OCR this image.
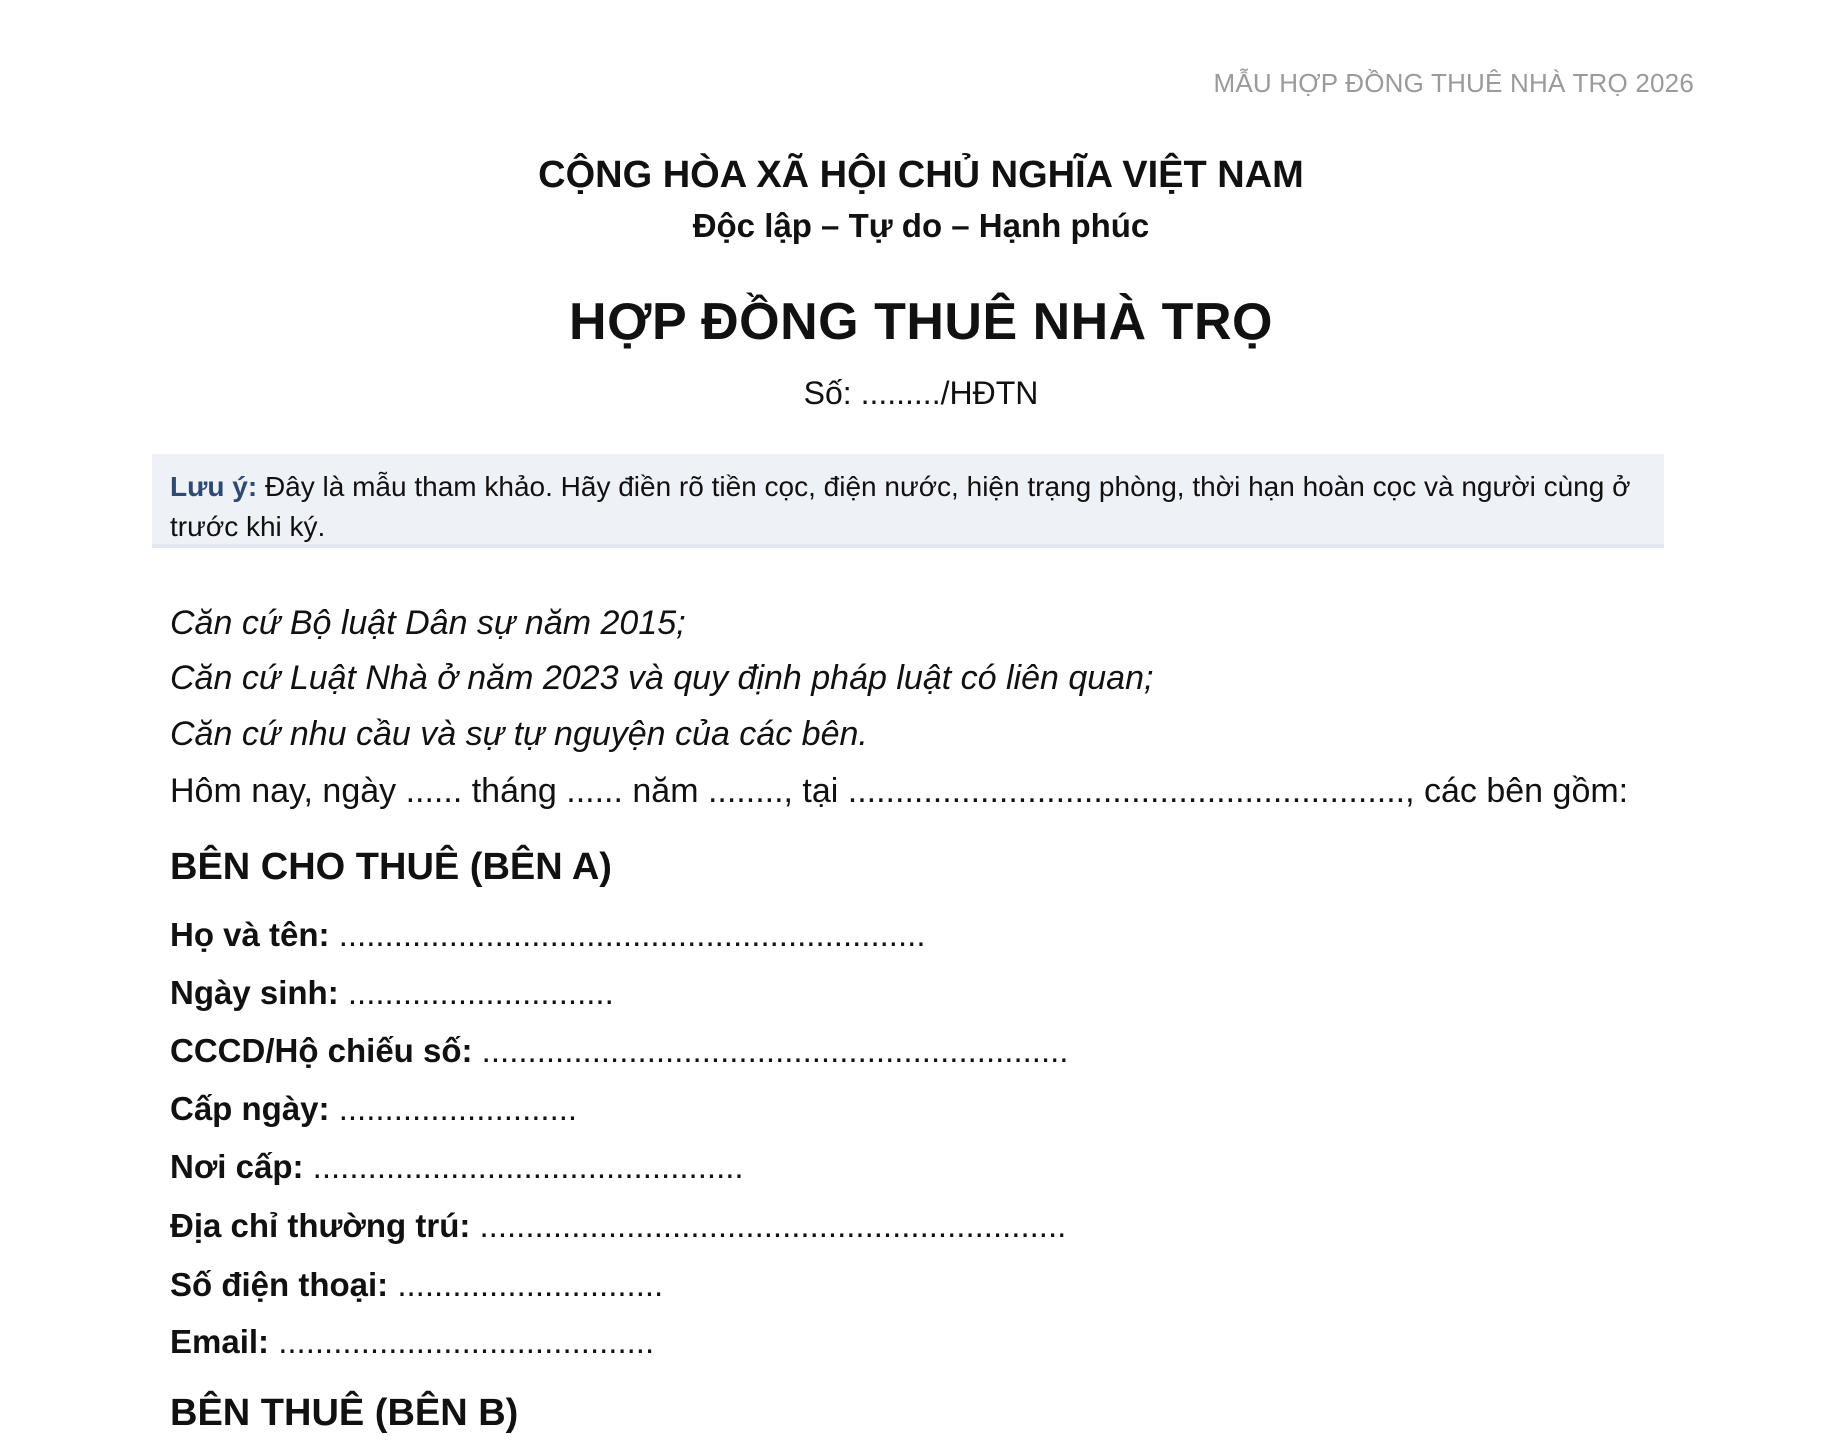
MẪU HỢP ĐỒNG THUÊ NHÀ TRỌ 2026
CỘNG HÒA XÃ HỘI CHỦ NGHĨA VIỆT NAM
Độc lập – Tự do – Hạnh phúc
HỢP ĐỒNG THUÊ NHÀ TRỌ
Số: ........./HĐTN
Lưu ý: Đây là mẫu tham khảo. Hãy điền rõ tiền cọc, điện nước, hiện trạng phòng, thời hạn hoàn cọc và người cùng ở trước khi ký.
Căn cứ Bộ luật Dân sự năm 2015;
Căn cứ Luật Nhà ở năm 2023 và quy định pháp luật có liên quan;
Căn cứ nhu cầu và sự tự nguyện của các bên.
Hôm nay, ngày ...... tháng ...... năm ........, tại ..........................................................., các bên gồm:
BÊN CHO THUÊ (BÊN A)
Họ và tên: ................................................................
Ngày sinh: .............................
CCCD/Hộ chiếu số: ................................................................
Cấp ngày: ..........................
Nơi cấp: ...............................................
Địa chỉ thường trú: ................................................................
Số điện thoại: .............................
Email: .........................................
BÊN THUÊ (BÊN B)
